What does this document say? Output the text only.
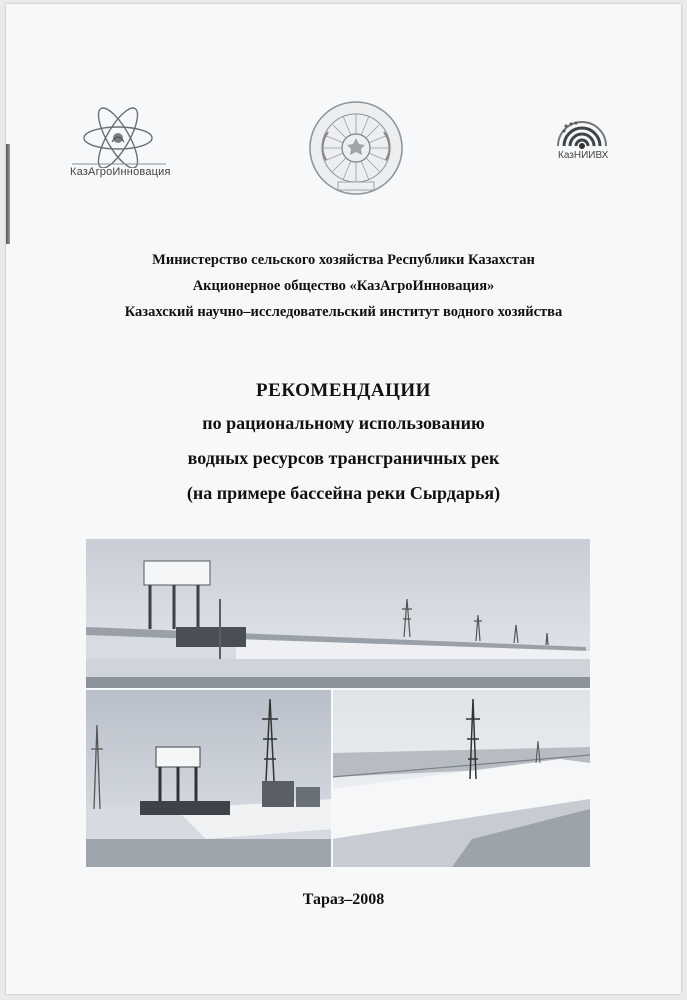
КазАгроИнновация
КазНИИВХ
Министерство сельского хозяйства Республики Казахстан
Акционерное общество «КазАгроИнновация»
Казахский научно–исследовательский институт водного хозяйства
РЕКОМЕНДАЦИИ
по рациональному использованию
водных ресурсов трансграничных рек
(на примере бассейна реки Сырдарья)
Тараз–2008
